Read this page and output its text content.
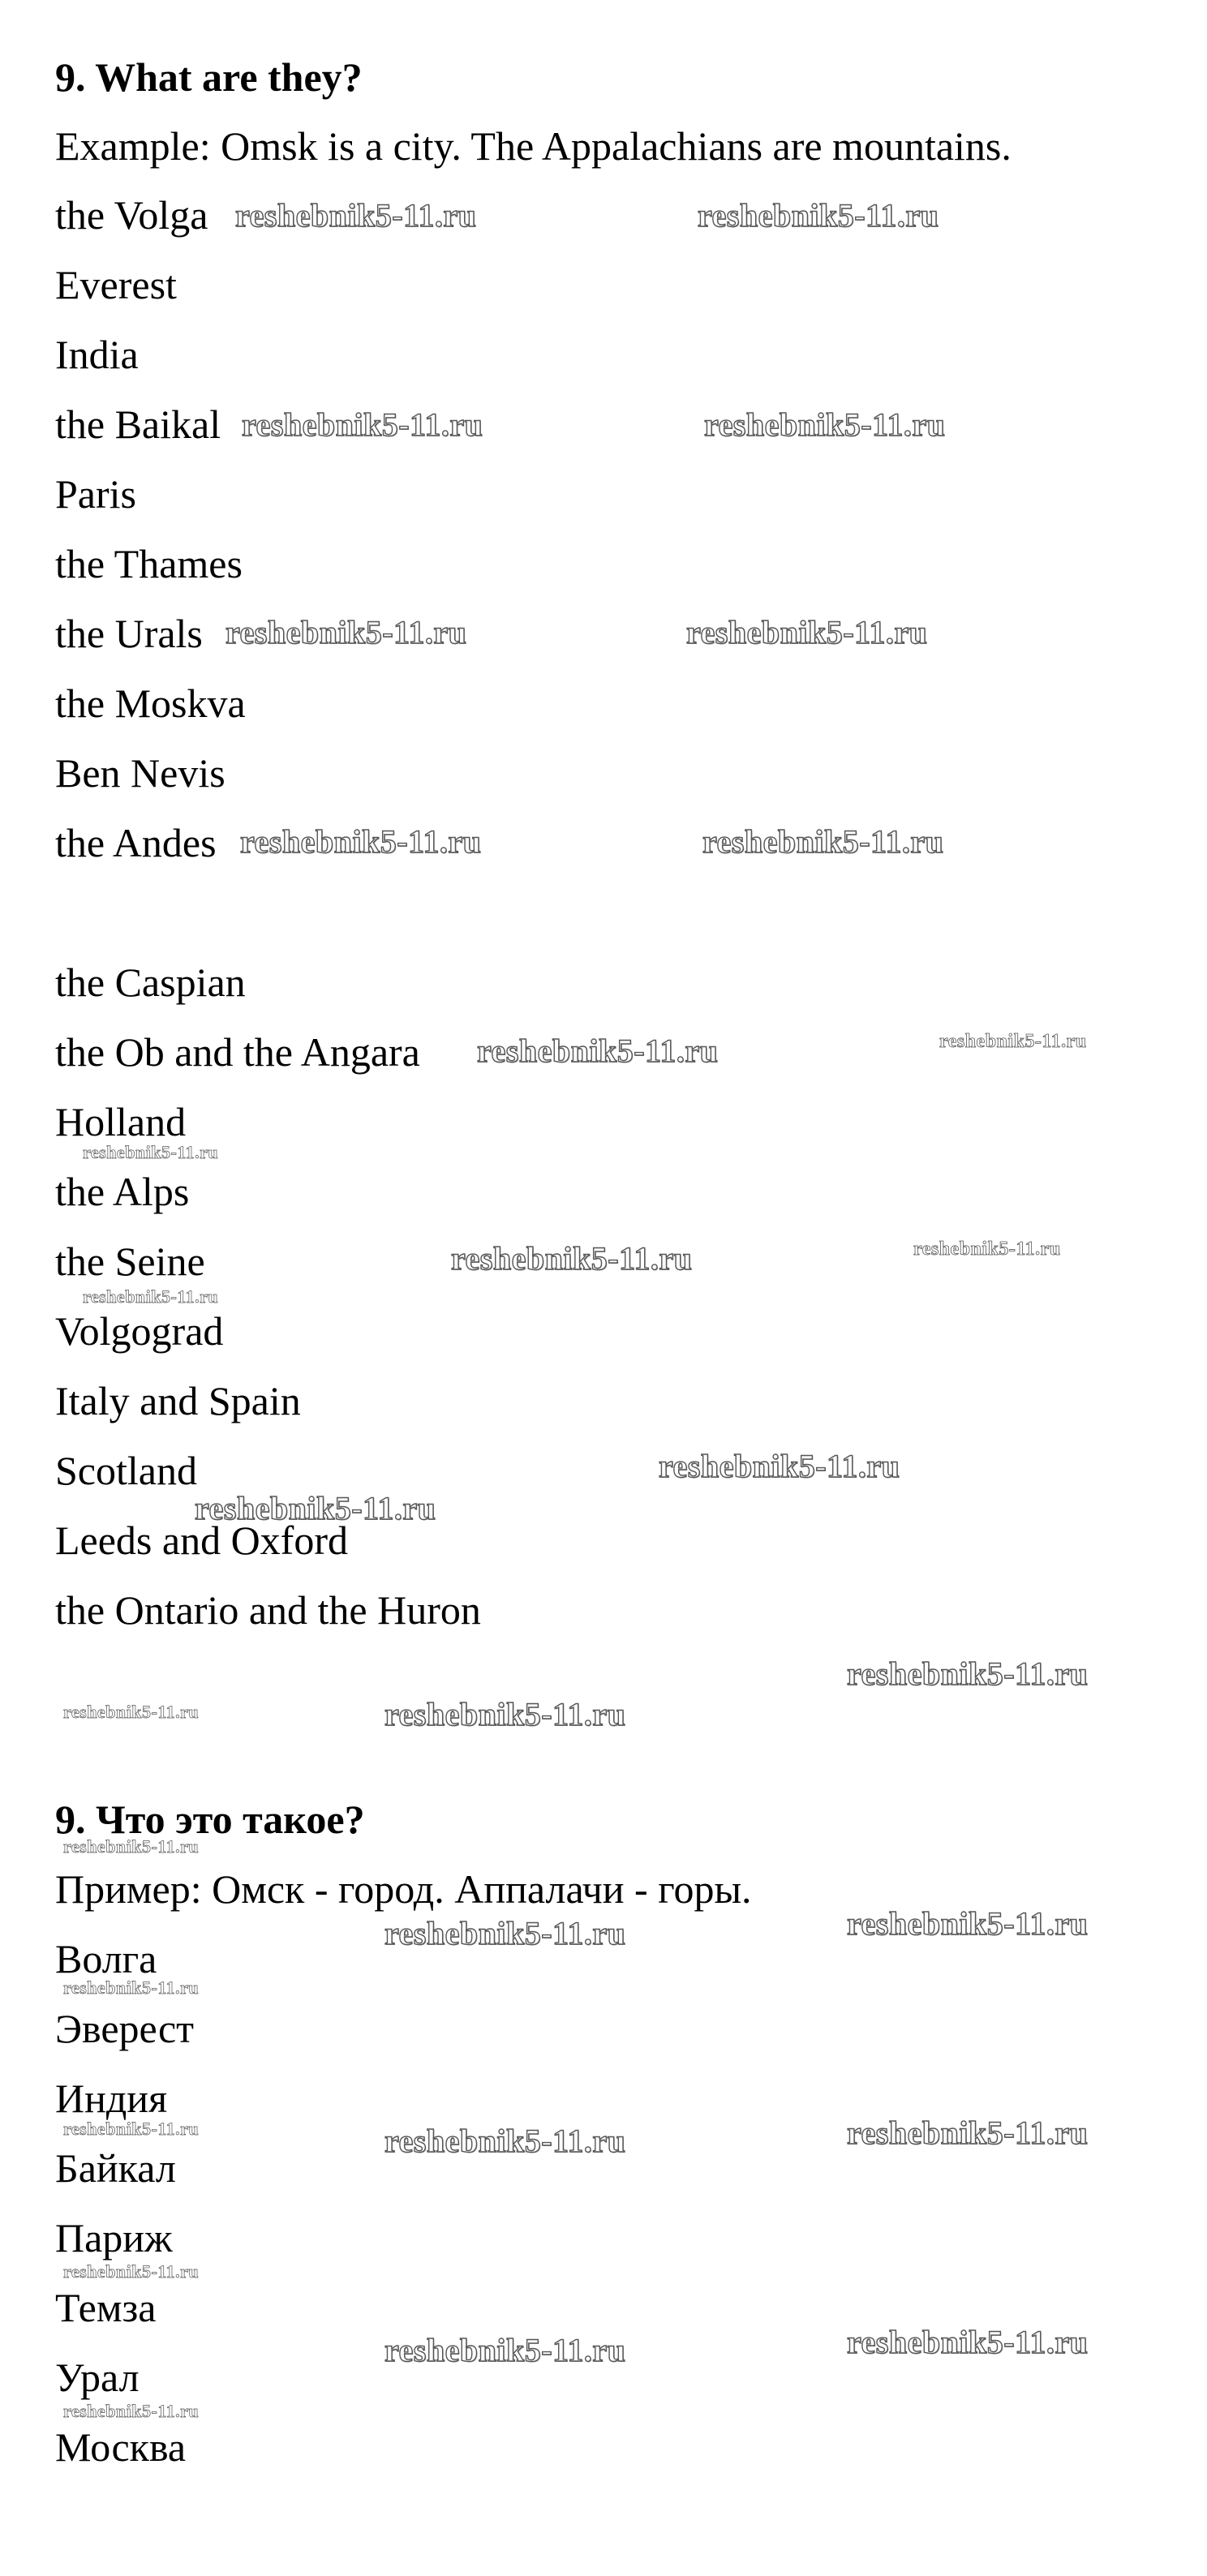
9. What are they?
Example: Omsk is a city. The Appalachians are mountains.
the Volga
Everest
India
the Baikal
Paris
the Thames
the Urals
the Moskva
Ben Nevis
the Andes
the Caspian
the Ob and the Angara
Holland
the Alps
the Seine
Volgograd
Italy and Spain
Scotland
Leeds and Oxford
the Ontario and the Huron
9. Что это такое?
Пример: Омск - город. Аппалачи - горы.
Волга
Эверест
Индия
Байкал
Париж
Темза
Урал
Москва
reshebnik5-11.ru	reshebnik5-11.ru
reshebnik5-11.ru	reshebnik5-11.ru
reshebnik5-11.ru	reshebnik5-11.ru
reshebnik5-11.ru	reshebnik5-11.ru
reshebnik5-11.ru	reshebnik5-11.ru
reshebnik5-11.ru
reshebnik5-11.ru	reshebnik5-11.ru
reshebnik5-11.ru
reshebnik5-11.ru
reshebnik5-11.ru
reshebnik5-11.ru
reshebnik5-11.ru	reshebnik5-11.ru
reshebnik5-11.ru
reshebnik5-11.ru
reshebnik5-11.ru
reshebnik5-11.ru
reshebnik5-11.ru	reshebnik5-11.ru
reshebnik5-11.ru
reshebnik5-11.ru
reshebnik5-11.ru
reshebnik5-11.ru
reshebnik5-11.ru
